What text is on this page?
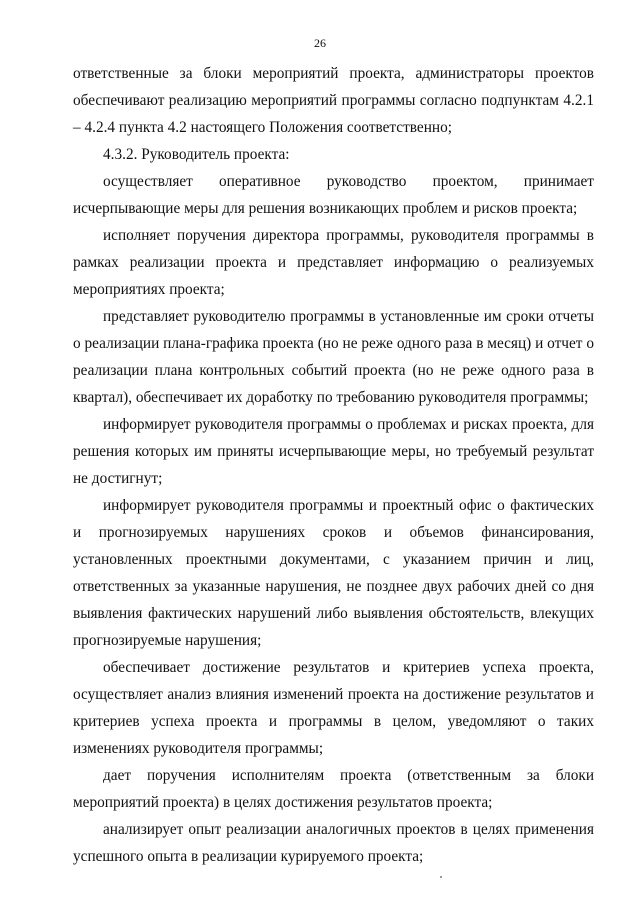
26

ответственные за блоки мероприятий проекта, администраторы проектов обеспечивают реализацию мероприятий программы согласно подпунктам 4.2.1 – 4.2.4 пункта 4.2 настоящего Положения соответственно;

4.3.2. Руководитель проекта:

осуществляет оперативное руководство проектом, принимает исчерпывающие меры для решения возникающих проблем и рисков проекта;

исполняет поручения директора программы, руководителя программы в рамках реализации проекта и представляет информацию о реализуемых мероприятиях проекта;

представляет руководителю программы в установленные им сроки отчеты о реализации плана-графика проекта (но не реже одного раза в месяц) и отчет о реализации плана контрольных событий проекта (но не реже одного раза в квартал), обеспечивает их доработку по требованию руководителя программы;

информирует руководителя программы о проблемах и рисках проекта, для решения которых им приняты исчерпывающие меры, но требуемый результат не достигнут;

информирует руководителя программы и проектный офис о фактических и прогнозируемых нарушениях сроков и объемов финансирования, установленных проектными документами, с указанием причин и лиц, ответственных за указанные нарушения, не позднее двух рабочих дней со дня выявления фактических нарушений либо выявления обстоятельств, влекущих прогнозируемые нарушения;

обеспечивает достижение результатов и критериев успеха проекта, осуществляет анализ влияния изменений проекта на достижение результатов и критериев успеха проекта и программы в целом, уведомляют о таких изменениях руководителя программы;

дает поручения исполнителям проекта (ответственным за блоки мероприятий проекта) в целях достижения результатов проекта;

анализирует опыт реализации аналогичных проектов в целях применения успешного опыта в реализации курируемого проекта;
